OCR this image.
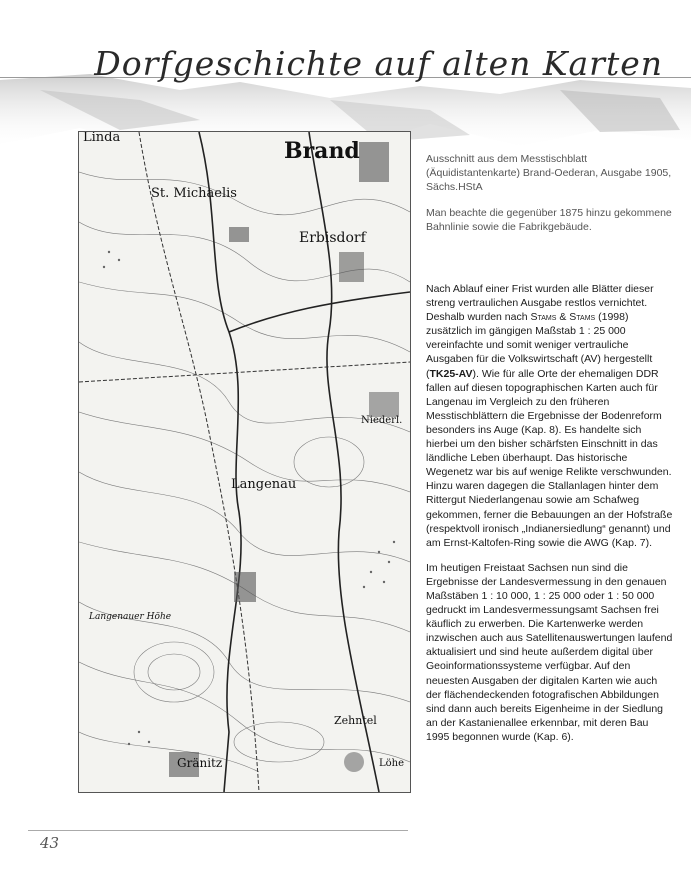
Dorfgeschichte auf alten Karten
Linda
Brand
St. Michaelis
Erbisdorf
Langenau
Niederl.
Langenauer Höhe
Zehntel
Gränitz	Löhe

Ausschnitt aus dem Messtischblatt (Äquidistantenkarte) Brand-Oederan, Ausgabe 1905, Sächs.HStA

Man beachte die gegenüber 1875 hinzu gekommene Bahnlinie sowie die Fabrikgebäude.

Nach Ablauf einer Frist wurden alle Blätter dieser streng vertraulichen Ausgabe restlos vernichtet. Deshalb wurden nach Stams & Stams (1998) zusätzlich im gängigen Maßstab 1 : 25 000 vereinfachte und somit weniger vertrauliche Ausgaben für die Volkswirtschaft (AV) hergestellt (TK25-AV). Wie für alle Orte der ehemaligen DDR fallen auf diesen topographischen Karten auch für Langenau im Vergleich zu den früheren Messtischblättern die Ergebnisse der Bodenreform besonders ins Auge (Kap. 8). Es handelte sich hierbei um den bisher schärfsten Einschnitt in das ländliche Leben überhaupt. Das historische Wegenetz war bis auf wenige Relikte verschwunden. Hinzu waren dagegen die Stallanlagen hinter dem Rittergut Niederlangenau sowie am Schafweg gekommen, ferner die Bebauungen an der Hofstraße (respektvoll ironisch „Indianersiedlung“ genannt) und am Ernst-Kaltofen-Ring sowie die AWG (Kap. 7).

Im heutigen Freistaat Sachsen nun sind die Ergebnisse der Landesvermessung in den genauen Maßstäben 1 : 10 000, 1 : 25 000 oder 1 : 50 000 gedruckt im Landesvermessungsamt Sachsen frei käuflich zu erwerben. Die Kartenwerke werden inzwischen auch aus Satellitenauswertungen laufend aktualisiert und sind heute außerdem digital über Geoinformationssysteme verfügbar. Auf den neuesten Ausgaben der digitalen Karten wie auch der flächendeckenden fotografischen Abbildungen sind dann auch bereits Eigenheime in der Siedlung an der Kastanienallee erkennbar, mit deren Bau 1995 begonnen wurde (Kap. 6).

43
